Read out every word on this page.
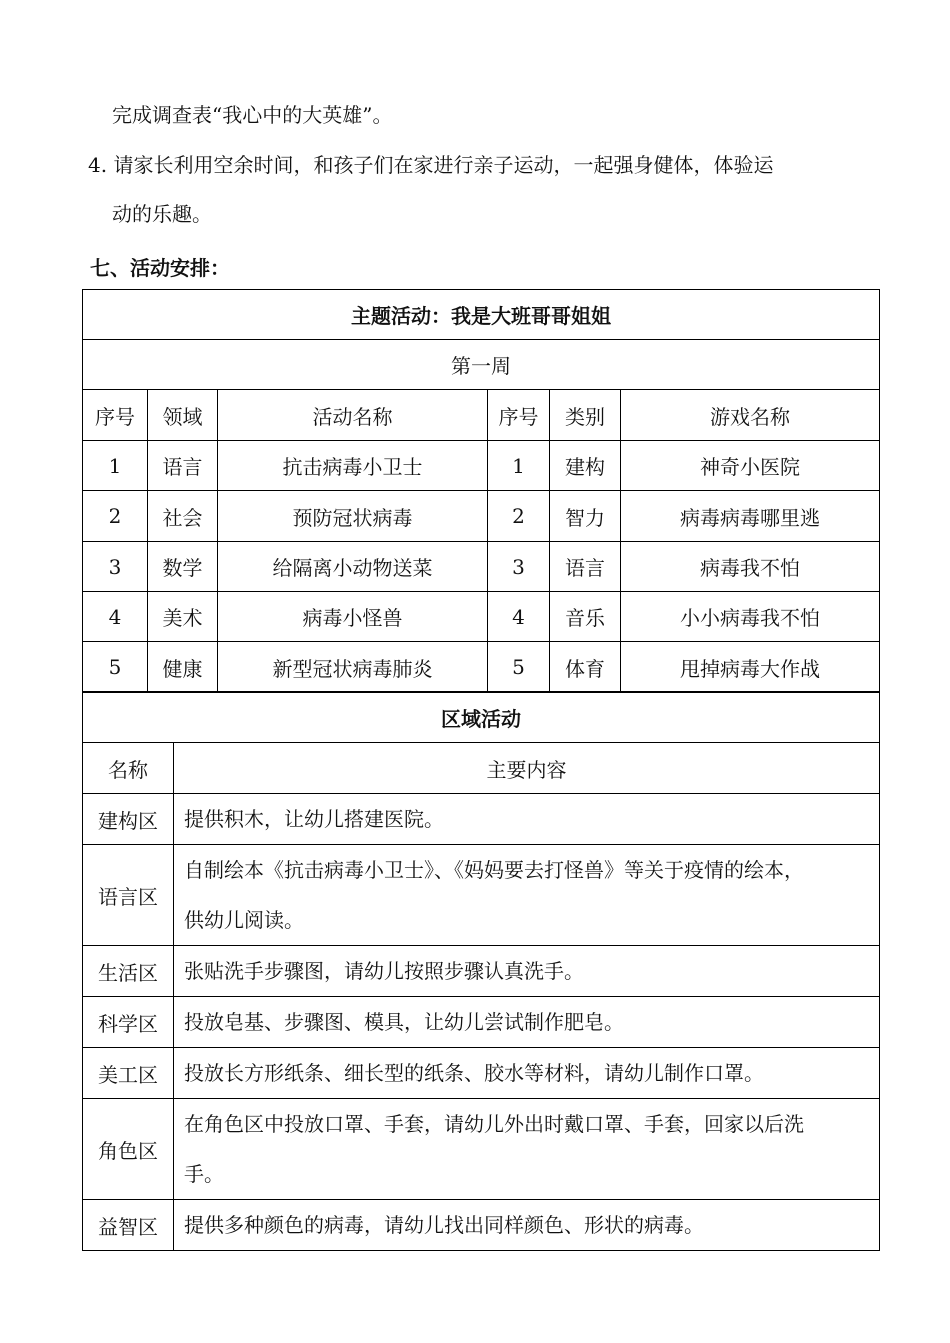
完成调查表“我心中的大英雄”。
4. 请家长利用空余时间，和孩子们在家进行亲子运动，一起强身健体，体验运
动的乐趣。
七、活动安排：
主题活动：我是大班哥哥姐姐					
第一周					
序号	领域	活动名称	序号	类别	游戏名称
1	语言	抗击病毒小卫士	1	建构	神奇小医院
2	社会	预防冠状病毒	2	智力	病毒病毒哪里逃
3	数学	给隔离小动物送菜	3	语言	病毒我不怕
4	美术	病毒小怪兽	4	音乐	小小病毒我不怕
5	健康	新型冠状病毒肺炎	5	体育	甩掉病毒大作战
区域活动	
名称	主要内容
建构区	提供积木，让幼儿搭建医院。
语言区	自制绘本《抗击病毒小卫士》、《妈妈要去打怪兽》等关于疫情的绘本，
供幼儿阅读。

生活区	张贴洗手步骤图，请幼儿按照步骤认真洗手。
科学区	投放皂基、步骤图、模具，让幼儿尝试制作肥皂。
美工区	投放长方形纸条、细长型的纸条、胶水等材料，请幼儿制作口罩。
角色区	在角色区中投放口罩、手套，请幼儿外出时戴口罩、手套，回家以后洗
手。

益智区	提供多种颜色的病毒，请幼儿找出同样颜色、形状的病毒。
